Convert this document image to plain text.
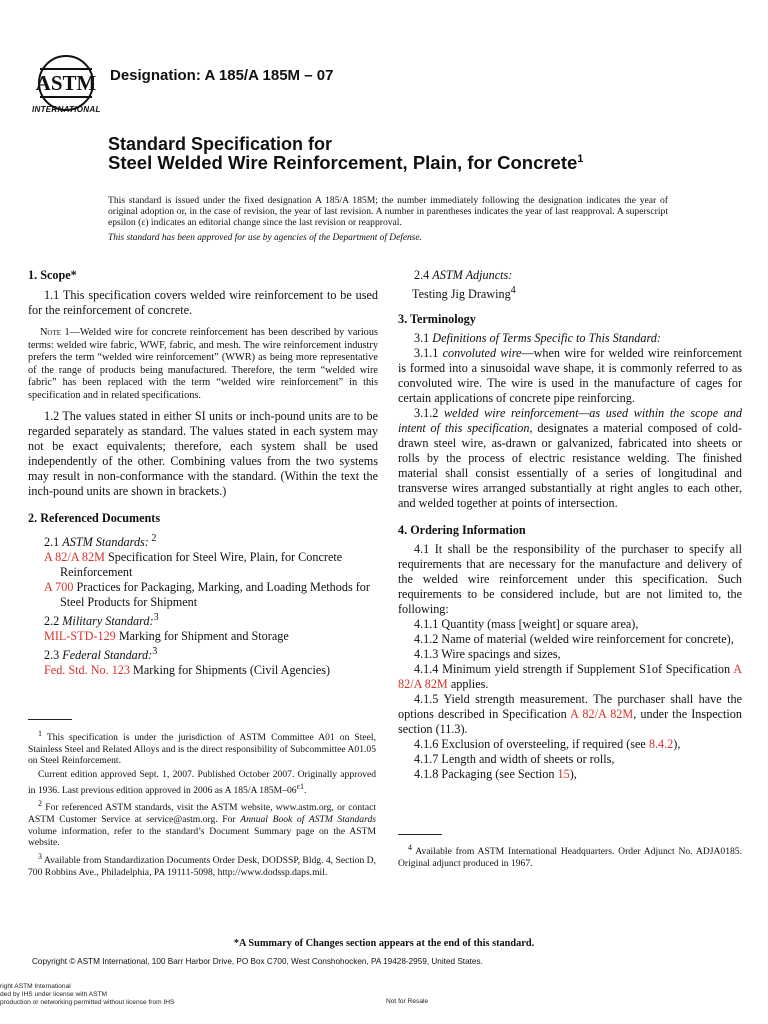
ASTM
INTERNATIONAL
Designation: A 185/A 185M – 07
Standard Specification for
Steel Welded Wire Reinforcement, Plain, for Concrete$^1$
This standard is issued under the fixed designation A 185/A 185M; the number immediately following the designation indicates the year of original adoption or, in the case of revision, the year of last revision. A number in parentheses indicates the year of last reapproval. A superscript epsilon (ε) indicates an editorial change since the last revision or reapproval.
This standard has been approved for use by agencies of the Department of Defense.

1. Scope*

1.1 This specification covers welded wire reinforcement to be used for the reinforcement of concrete.

Note 1—Welded wire for concrete reinforcement has been described by various terms: welded wire fabric, WWF, fabric, and mesh. The wire reinforcement industry prefers the term “welded wire reinforcement” (WWR) as being more representative of the range of products being manufactured. Therefore, the term “welded wire fabric” has been replaced with the term “welded wire reinforcement” in this specification and in related specifications.

1.2 The values stated in either SI units or inch-pound units are to be regarded separately as standard. The values stated in each system may not be exact equivalents; therefore, each system shall be used independently of the other. Combining values from the two systems may result in non-conformance with the standard. (Within the text the inch-pound units are shown in brackets.)

2. Referenced Documents

2.1 ASTM Standards: $^2$

A 82/A 82M Specification for Steel Wire, Plain, for Concrete Reinforcement

A 700 Practices for Packaging, Marking, and Loading Methods for Steel Products for Shipment

2.2 Military Standard:$^3$

MIL-STD-129 Marking for Shipment and Storage

2.3 Federal Standard:$^3$

Fed. Std. No. 123 Marking for Shipments (Civil Agencies)

$^1$ This specification is under the jurisdiction of ASTM Committee A01 on Steel, Stainless Steel and Related Alloys and is the direct responsibility of Subcommittee A01.05 on Steel Reinforcement.

Current edition approved Sept. 1, 2007. Published October 2007. Originally approved in 1936. Last previous edition approved in 2006 as A 185/A $185M-06^{\varepsilon 1}$.

$^2$ For referenced ASTM standards, visit the ASTM website, www.astm.org, or contact ASTM Customer Service at service@astm.org. For Annual Book of ASTM Standards volume information, refer to the standard’s Document Summary page on the ASTM website.

$^3$ Available from Standardization Documents Order Desk, DODSSP, Bldg. 4, Section D, 700 Robbins Ave., Philadelphia, PA 19111-5098, http://www.dodssp.daps.mil.

2.4 ASTM Adjuncts:

Testing Jig Drawing$^4$

3. Terminology

3.1 Definitions of Terms Specific to This Standard:

3.1.1 convoluted wire—when wire for welded wire reinforcement is formed into a sinusoidal wave shape, it is commonly referred to as convoluted wire. The wire is used in the manufacture of cages for certain applications of concrete pipe reinforcing.

3.1.2 welded wire reinforcement—as used within the scope and intent of this specification, designates a material composed of cold-drawn steel wire, as-drawn or galvanized, fabricated into sheets or rolls by the process of electric resistance welding. The finished material shall consist essentially of a series of longitudinal and transverse wires arranged substantially at right angles to each other, and welded together at points of intersection.

4. Ordering Information

4.1 It shall be the responsibility of the purchaser to specify all requirements that are necessary for the manufacture and delivery of the welded wire reinforcement under this specification. Such requirements to be considered include, but are not limited to, the following:

4.1.1 Quantity (mass [weight] or square area),

4.1.2 Name of material (welded wire reinforcement for concrete),

4.1.3 Wire spacings and sizes,

4.1.4 Minimum yield strength if Supplement S1of Specification A 82/A 82M applies.

4.1.5 Yield strength measurement. The purchaser shall have the options described in Specification A 82/A 82M, under the Inspection section (11.3).

4.1.6 Exclusion of oversteeling, if required (see 8.4.2),

4.1.7 Length and width of sheets or rolls,

4.1.8 Packaging (see Section 15),

$^4$ Available from ASTM International Headquarters. Order Adjunct No. ADJA0185. Original adjunct produced in 1967.

*A Summary of Changes section appears at the end of this standard.
Copyright © ASTM International, 100 Barr Harbor Drive, PO Box C700, West Conshohocken, PA 19428-2959, United States.
right ASTM International
ded by IHS under license with ASTM
production or networking permitted without license from IHS	Not for Resale
